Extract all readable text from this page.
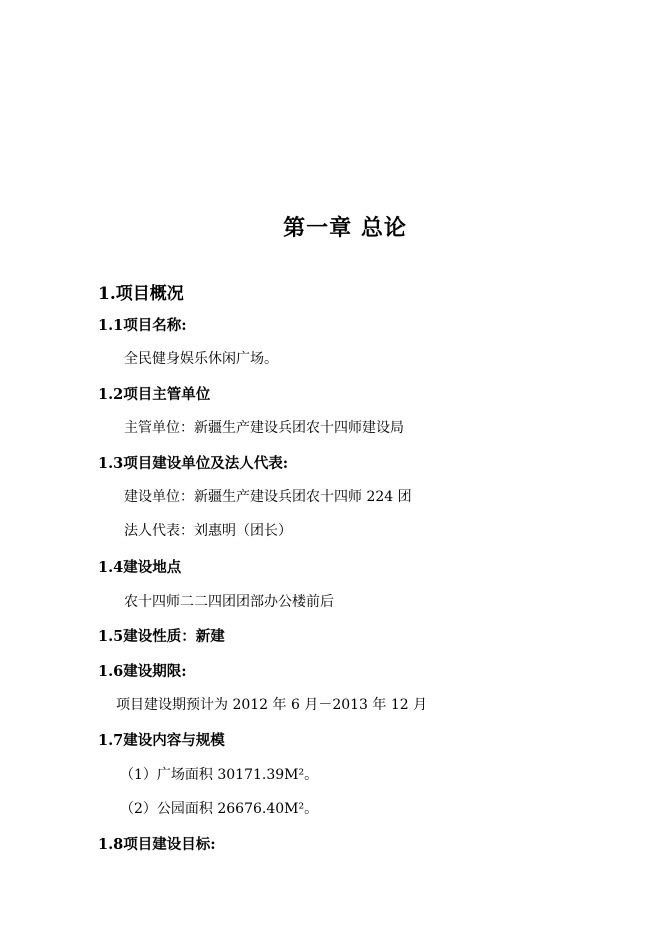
第一章 总论
1.项目概况
1.1项目名称:
全民健身娱乐休闲广场。
1.2项目主管单位
主管单位：新疆生产建设兵团农十四师建设局
1.3项目建设单位及法人代表:
建设单位：新疆生产建设兵团农十四师 224 团
法人代表：刘惠明（团长）
1.4建设地点
农十四师二二四团团部办公楼前后
1.5建设性质：新建
1.6建设期限:
项目建设期预计为 2012 年 6 月－2013 年 12 月
1.7建设内容与规模
（1）广场面积 30171.39M²。
（2）公园面积 26676.40M²。
1.8项目建设目标:
